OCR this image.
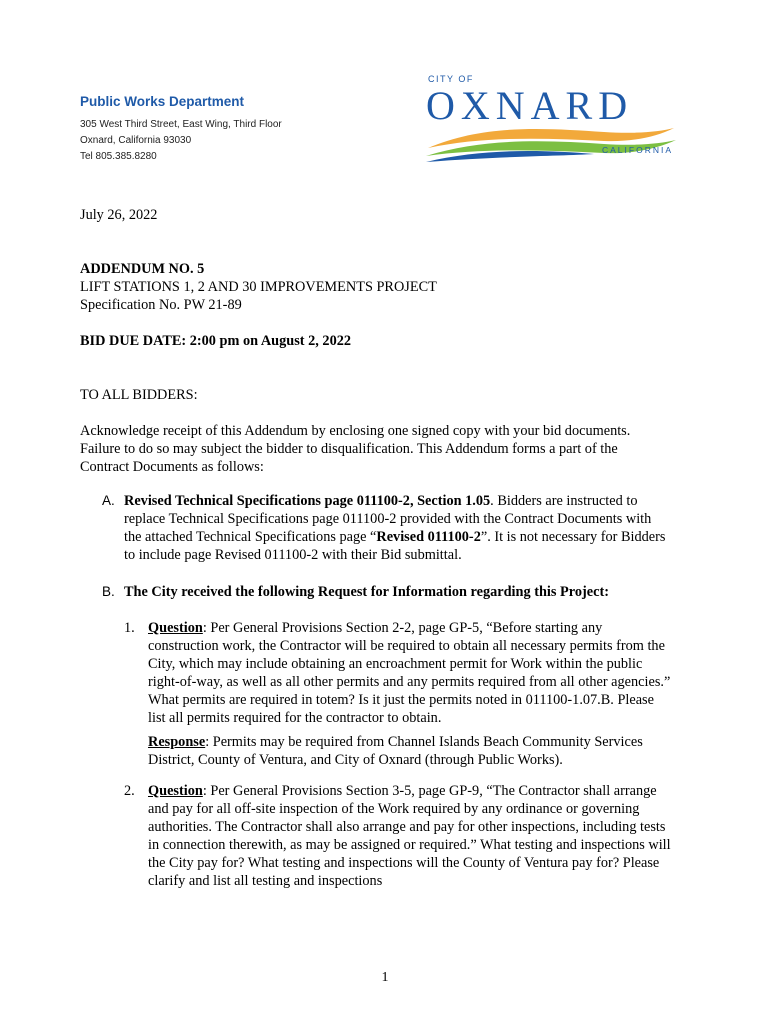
Public Works Department
305 West Third Street, East Wing, Third Floor
Oxnard, California 93030
Tel 805.385.8280
CITY OF
OXNARD
CALIFORNIA
July 26, 2022
ADDENDUM NO. 5
LIFT STATIONS 1, 2 AND 30 IMPROVEMENTS PROJECT
Specification No. PW 21-89
BID DUE DATE: 2:00 pm on August 2, 2022
TO ALL BIDDERS:
Acknowledge receipt of this Addendum by enclosing one signed copy with your bid documents. Failure to do so may subject the bidder to disqualification. This Addendum forms a part of the Contract Documents as follows:
A. Revised Technical Specifications page 011100-2, Section 1.05. Bidders are instructed to replace Technical Specifications page 011100-2 provided with the Contract Documents with the attached Technical Specifications page “Revised 011100-2”. It is not necessary for Bidders to include page Revised 011100-2 with their Bid submittal.
B. The City received the following Request for Information regarding this Project:
1. Question: Per General Provisions Section 2-2, page GP-5, “Before starting any construction work, the Contractor will be required to obtain all necessary permits from the City, which may include obtaining an encroachment permit for Work within the public right-of-way, as well as all other permits and any permits required from all other agencies.” What permits are required in totem? Is it just the permits noted in 011100-1.07.B. Please list all permits required for the contractor to obtain.
Response: Permits may be required from Channel Islands Beach Community Services District, County of Ventura, and City of Oxnard (through Public Works).
2. Question: Per General Provisions Section 3-5, page GP-9, “The Contractor shall arrange and pay for all off-site inspection of the Work required by any ordinance or governing authorities. The Contractor shall also arrange and pay for other inspections, including tests in connection therewith, as may be assigned or required.” What testing and inspections will the City pay for? What testing and inspections will the County of Ventura pay for? Please clarify and list all testing and inspections
1
